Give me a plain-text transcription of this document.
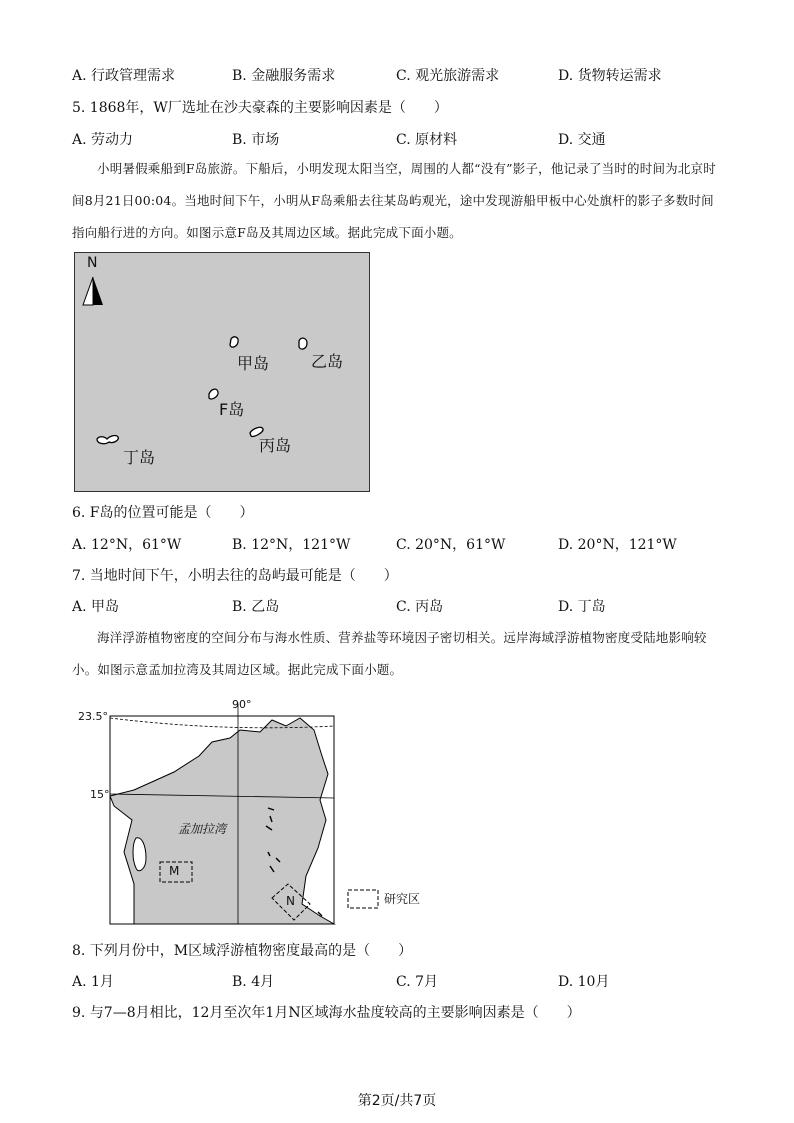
A. 行政管理需求	B. 金融服务需求	C. 观光旅游需求	D. 货物转运需求
5. 1868年，W厂选址在沙夫豪森的主要影响因素是（　　）
A. 劳动力	B. 市场	C. 原材料	D. 交通

小明暑假乘船到F岛旅游。下船后，小明发现太阳当空，周围的人都“没有”影子，他记录了当时的时间为北京时间8月21日00:04。当地时间下午，小明从F岛乘船去往某岛屿观光，途中发现游船甲板中心处旗杆的影子多数时间指向船行进的方向。如图示意F岛及其周边区域。据此完成下面小题。

N
甲岛	乙岛
F岛
丙岛
丁岛
6. F岛的位置可能是（　　）
A. 12°N，61°W	B. 12°N，121°W	C. 20°N，61°W	D. 20°N，121°W
7. 当地时间下午，小明去往的岛屿最可能是（　　）
A. 甲岛	B. 乙岛	C. 丙岛	D. 丁岛

海洋浮游植物密度的空间分布与海水性质、营养盐等环境因子密切相关。远岸海域浮游植物密度受陆地影响较小。如图示意孟加拉湾及其周边区域。据此完成下面小题。

90°
23.5°
15°
孟加拉湾
M
N	研究区
8. 下列月份中，M区域浮游植物密度最高的是（　　）
A. 1月	B. 4月	C. 7月	D. 10月
9. 与7—8月相比，12月至次年1月N区域海水盐度较高的主要影响因素是（　　）
第2页/共7页
